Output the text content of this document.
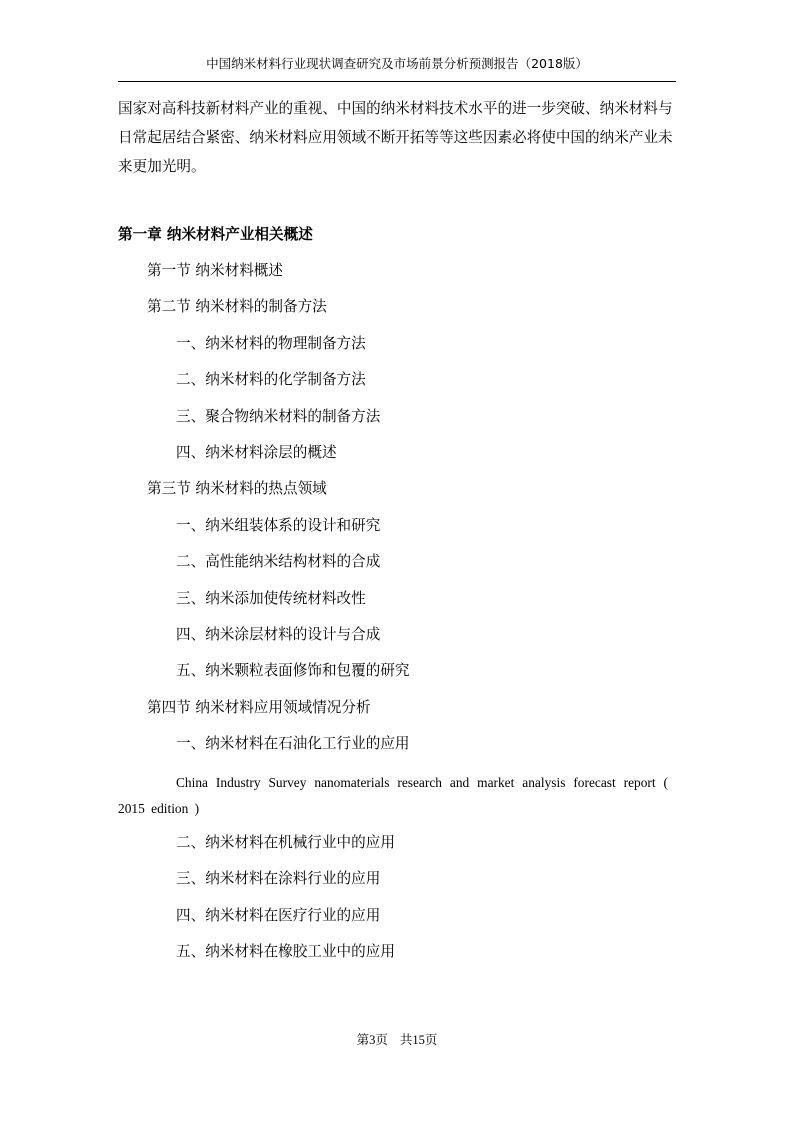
中国纳米材料行业现状调查研究及市场前景分析预测报告（2018版）

国家对高科技新材料产业的重视、中国的纳米材料技术水平的进一步突破、纳米材料与日常起居结合紧密、纳米材料应用领域不断开拓等等这些因素必将使中国的纳米产业未来更加光明。

第一章 纳米材料产业相关概述
第一节 纳米材料概述
第二节 纳米材料的制备方法
一、纳米材料的物理制备方法
二、纳米材料的化学制备方法
三、聚合物纳米材料的制备方法
四、纳米材料涂层的概述
第三节 纳米材料的热点领域
一、纳米组装体系的设计和研究
二、高性能纳米结构材料的合成
三、纳米添加使传统材料改性
四、纳米涂层材料的设计与合成
五、纳米颗粒表面修饰和包覆的研究
第四节 纳米材料应用领域情况分析
一、纳米材料在石油化工行业的应用

China Industry Survey nanomaterials research and market analysis forecast report ( 2015 edition )

二、纳米材料在机械行业中的应用
三、纳米材料在涂料行业的应用
四、纳米材料在医疗行业的应用
五、纳米材料在橡胶工业中的应用
第3页 共15页
